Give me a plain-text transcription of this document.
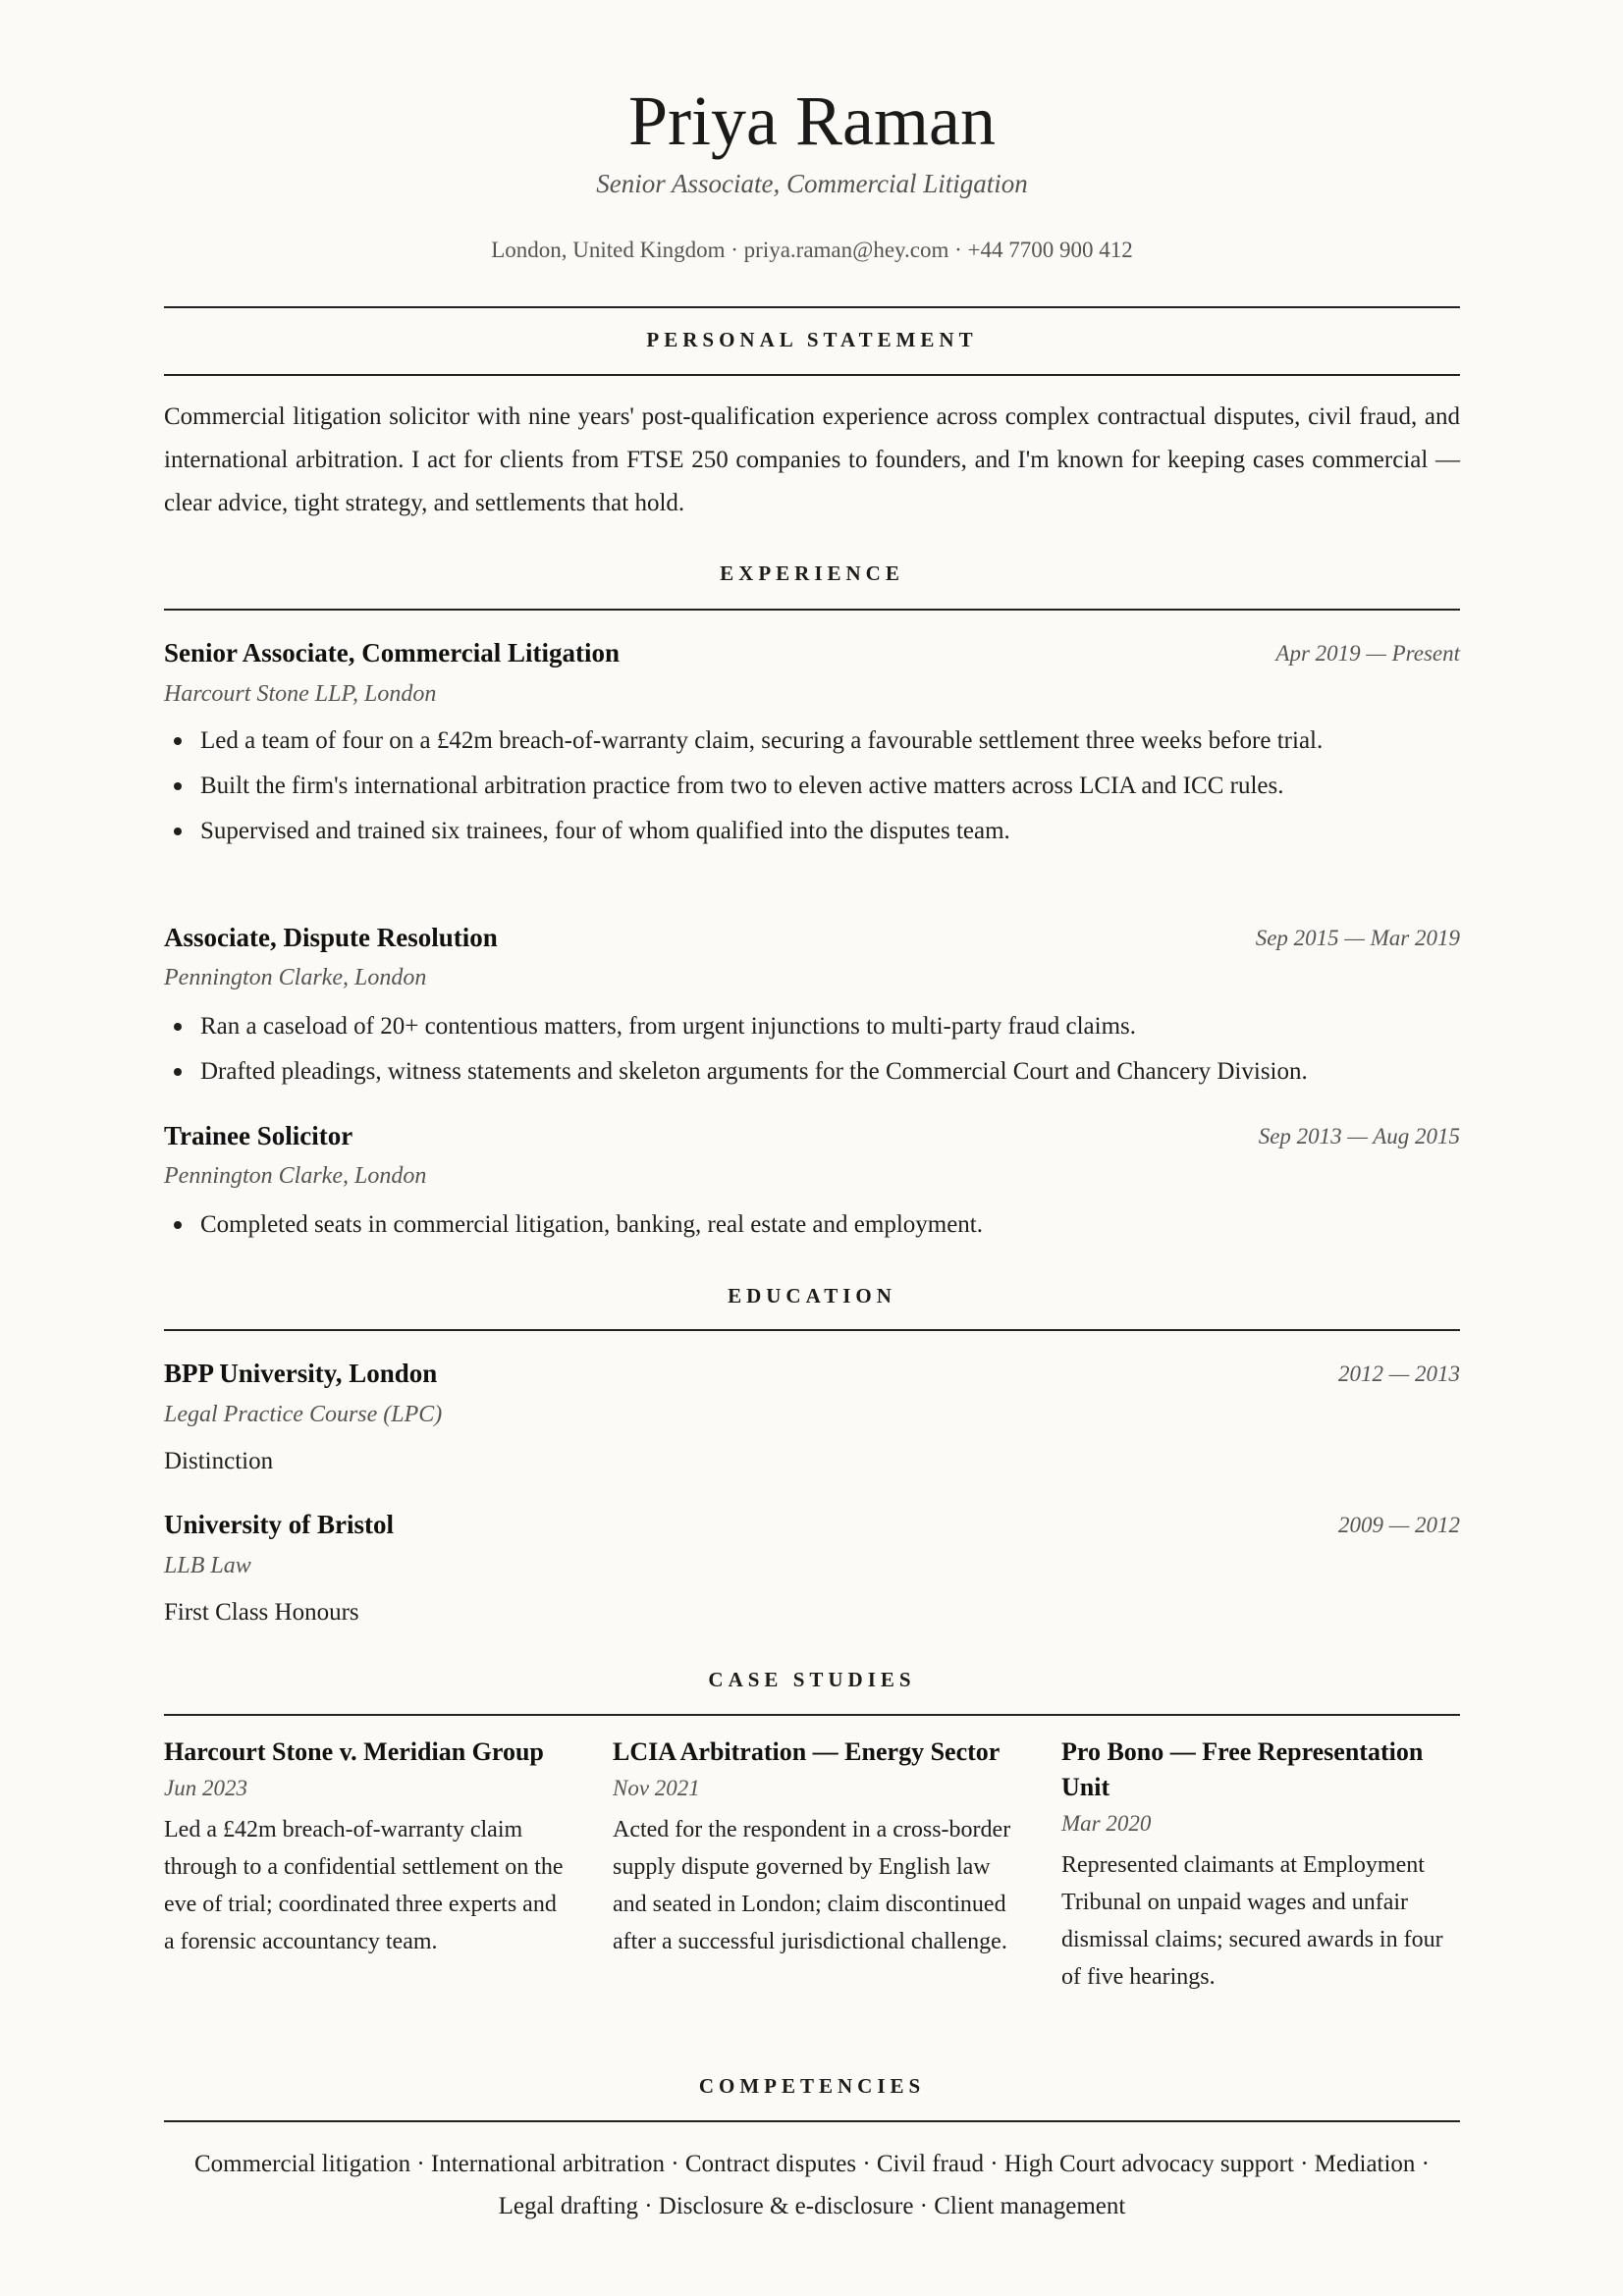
Priya Raman
Senior Associate, Commercial Litigation
London, United Kingdom · priya.raman@hey.com · +44 7700 900 412
PERSONAL STATEMENT
Commercial litigation solicitor with nine years' post-qualification experience across complex contractual disputes, civil fraud, and international arbitration. I act for clients from FTSE 250 companies to founders, and I'm known for keeping cases commercial — clear advice, tight strategy, and settlements that hold.
EXPERIENCE
Senior Associate, Commercial Litigation	Apr 2019 — Present
Harcourt Stone LLP, London
Led a team of four on a £42m breach-of-warranty claim, securing a favourable settlement three weeks before trial.
Built the firm's international arbitration practice from two to eleven active matters across LCIA and ICC rules.
Supervised and trained six trainees, four of whom qualified into the disputes team.
Associate, Dispute Resolution	Sep 2015 — Mar 2019
Pennington Clarke, London
Ran a caseload of 20+ contentious matters, from urgent injunctions to multi-party fraud claims.
Drafted pleadings, witness statements and skeleton arguments for the Commercial Court and Chancery Division.
Trainee Solicitor	Sep 2013 — Aug 2015
Pennington Clarke, London
Completed seats in commercial litigation, banking, real estate and employment.
EDUCATION
BPP University, London	2012 — 2013
Legal Practice Course (LPC)
Distinction
University of Bristol	2009 — 2012
LLB Law
First Class Honours
CASE STUDIES
Harcourt Stone v. Meridian Group
Jun 2023
Led a £42m breach-of-warranty claim through to a confidential settlement on the eve of trial; coordinated three experts and a forensic accountancy team.
LCIA Arbitration — Energy Sector
Nov 2021
Acted for the respondent in a cross-border supply dispute governed by English law and seated in London; claim discontinued after a successful jurisdictional challenge.
Pro Bono — Free Representation Unit
Mar 2020
Represented claimants at Employment Tribunal on unpaid wages and unfair dismissal claims; secured awards in four of five hearings.
COMPETENCIES
Commercial litigation · International arbitration · Contract disputes · Civil fraud · High Court advocacy support · Mediation · Legal drafting · Disclosure & e-disclosure · Client management
